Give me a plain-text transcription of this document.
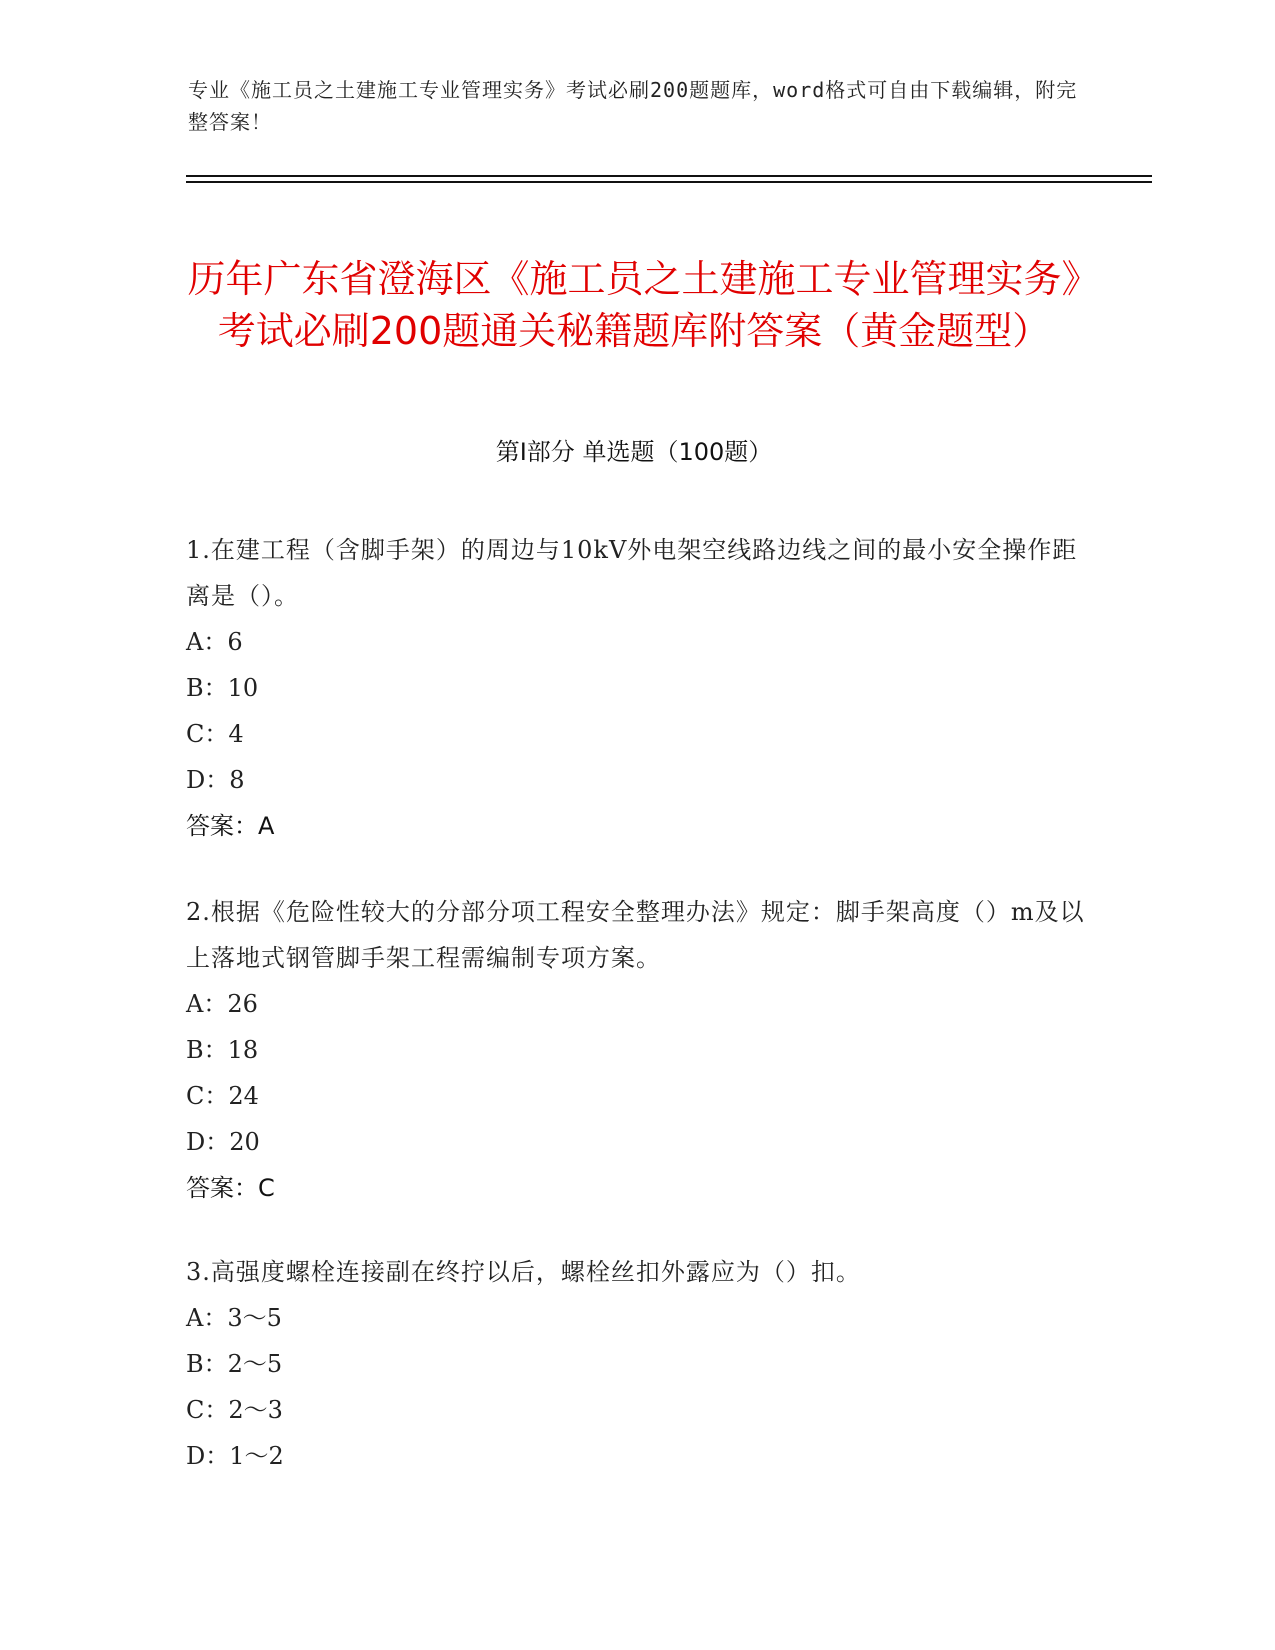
专业《施工员之土建施工专业管理实务》考试必刷200题题库，word格式可自由下载编辑，附完整答案！
历年广东省澄海区《施工员之土建施工专业管理实务》考试必刷200题通关秘籍题库附答案（黄金题型）
第Ⅰ部分 单选题（100题）
1.在建工程（含脚手架）的周边与10kV外电架空线路边线之间的最小安全操作距离是（）。
A：6
B：10
C：4
D：8
答案：A
2.根据《危险性较大的分部分项工程安全整理办法》规定：脚手架高度（）m及以上落地式钢管脚手架工程需编制专项方案。
A：26
B：18
C：24
D：20
答案：C
3.高强度螺栓连接副在终拧以后，螺栓丝扣外露应为（）扣。
A：3～5
B：2～5
C：2～3
D：1～2
